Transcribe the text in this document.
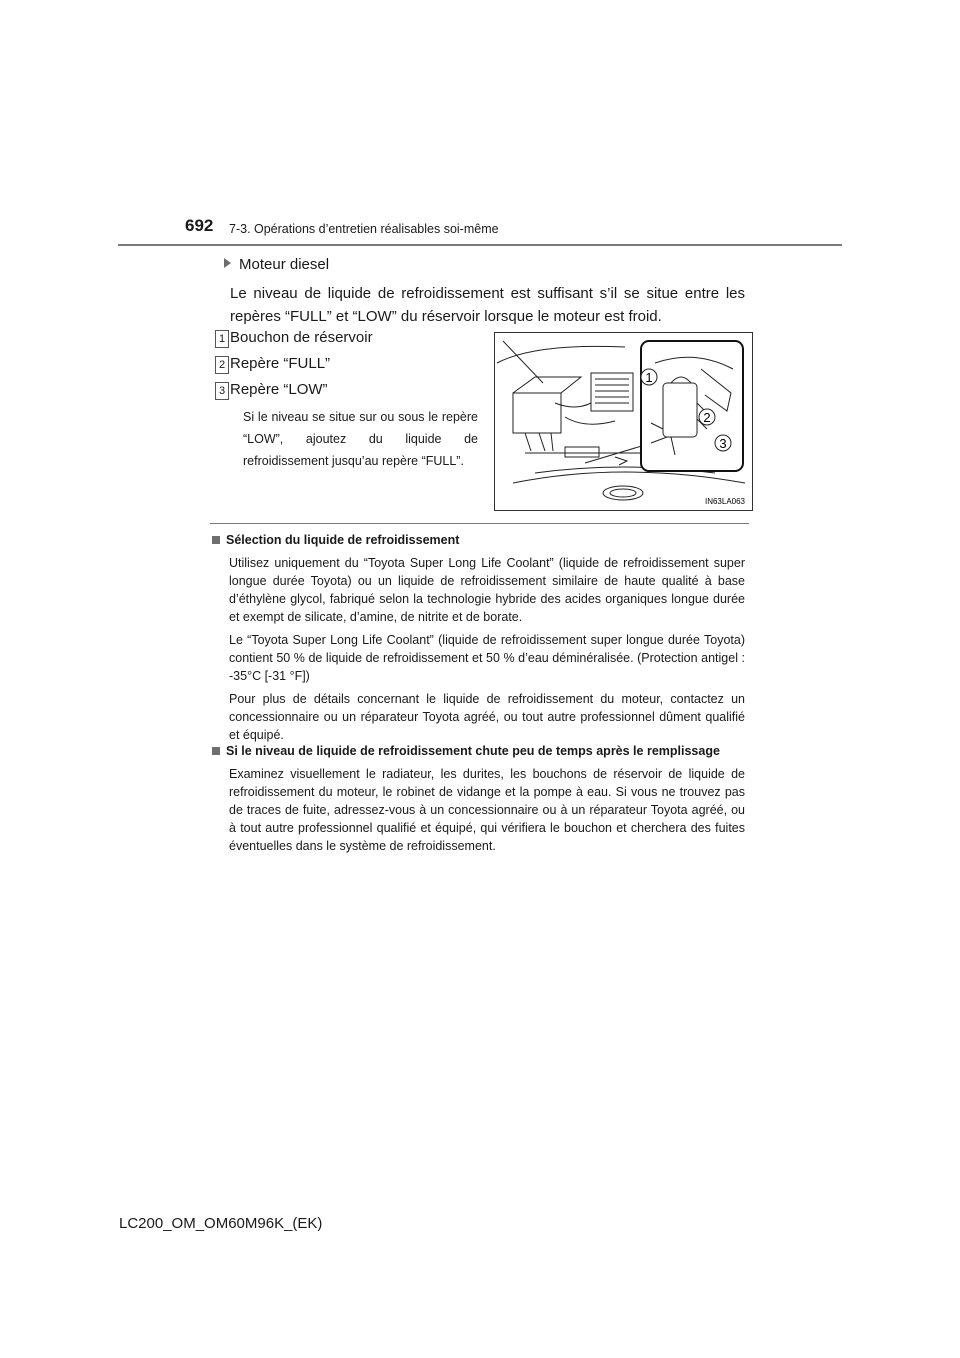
692 7-3. Opérations d’entretien réalisables soi-même
Moteur diesel
Le niveau de liquide de refroidissement est suffisant s’il se situe entre les repères “FULL” et “LOW” du réservoir lorsque le moteur est froid.
1 Bouchon de réservoir
2 Repère “FULL”
3 Repère “LOW”
Si le niveau se situe sur ou sous le repère “LOW”, ajoutez du liquide de refroidissement jusqu’au repère “FULL”.
1
2
3
IN63LA063
Sélection du liquide de refroidissement

Utilisez uniquement du “Toyota Super Long Life Coolant” (liquide de refroidissement super longue durée Toyota) ou un liquide de refroidissement similaire de haute qualité à base d’éthylène glycol, fabriqué selon la technologie hybride des acides organiques longue durée et exempt de silicate, d’amine, de nitrite et de borate.

Le “Toyota Super Long Life Coolant” (liquide de refroidissement super longue durée Toyota) contient 50 % de liquide de refroidissement et 50 % d’eau déminéralisée. (Protection antigel : -35°C [-31 °F])

Pour plus de détails concernant le liquide de refroidissement du moteur, contactez un concessionnaire ou un réparateur Toyota agréé, ou tout autre professionnel dûment qualifié et équipé.

Si le niveau de liquide de refroidissement chute peu de temps après le remplissage

Examinez visuellement le radiateur, les durites, les bouchons de réservoir de liquide de refroidissement du moteur, le robinet de vidange et la pompe à eau. Si vous ne trouvez pas de traces de fuite, adressez-vous à un concessionnaire ou à un réparateur Toyota agréé, ou à tout autre professionnel qualifié et équipé, qui vérifiera le bouchon et cherchera des fuites éventuelles dans le système de refroidissement.

LC200_OM_OM60M96K_(EK)
